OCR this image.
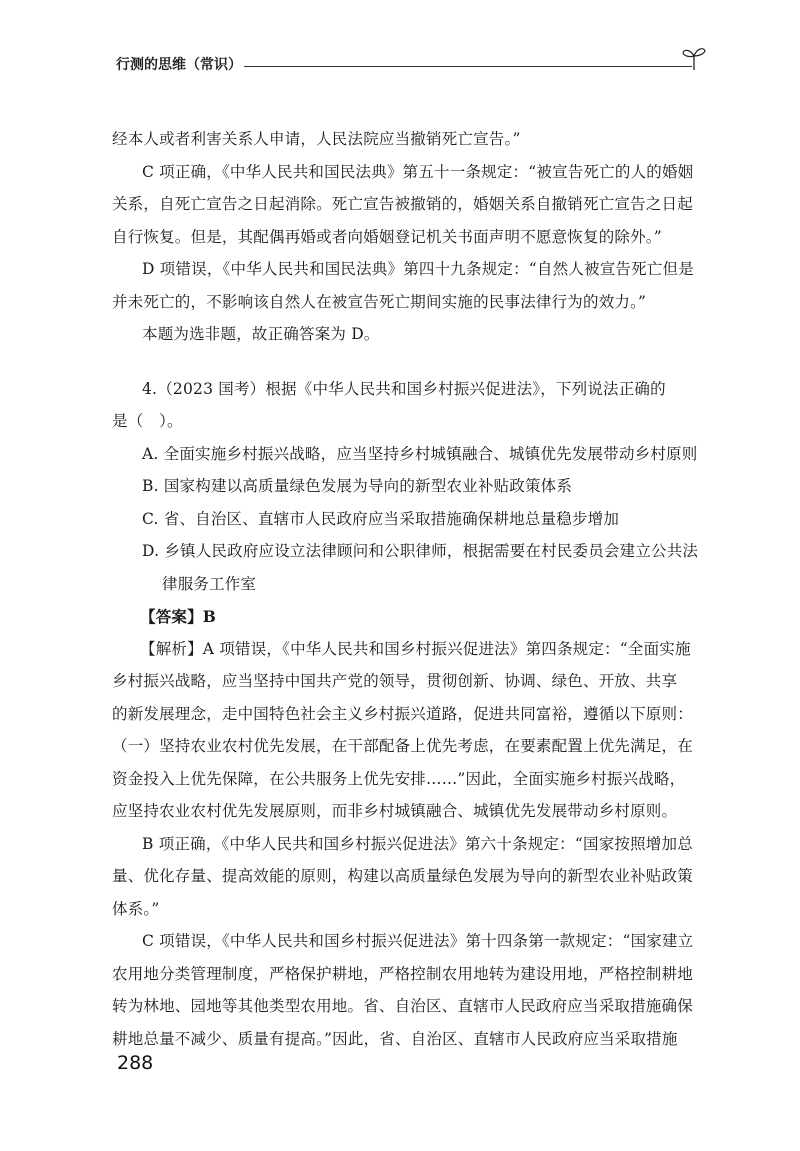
行测的思维（常识）
经本人或者利害关系人申请，人民法院应当撤销死亡宣告。”
C 项正确，《中华人民共和国民法典》第五十一条规定：“被宣告死亡的人的婚姻
关系，自死亡宣告之日起消除。死亡宣告被撤销的，婚姻关系自撤销死亡宣告之日起
自行恢复。但是，其配偶再婚或者向婚姻登记机关书面声明不愿意恢复的除外。”
D 项错误，《中华人民共和国民法典》第四十九条规定：“自然人被宣告死亡但是
并未死亡的，不影响该自然人在被宣告死亡期间实施的民事法律行为的效力。”
本题为选非题，故正确答案为 D。
4.（2023 国考）根据《中华人民共和国乡村振兴促进法》，下列说法正确的
是（　）。
A. 全面实施乡村振兴战略，应当坚持乡村城镇融合、城镇优先发展带动乡村原则
B. 国家构建以高质量绿色发展为导向的新型农业补贴政策体系
C. 省、自治区、直辖市人民政府应当采取措施确保耕地总量稳步增加
D. 乡镇人民政府应设立法律顾问和公职律师，根据需要在村民委员会建立公共法
律服务工作室
【答案】B
【解析】A 项错误，《中华人民共和国乡村振兴促进法》第四条规定：“全面实施
乡村振兴战略，应当坚持中国共产党的领导，贯彻创新、协调、绿色、开放、共享
的新发展理念，走中国特色社会主义乡村振兴道路，促进共同富裕，遵循以下原则：
（一）坚持农业农村优先发展，在干部配备上优先考虑，在要素配置上优先满足，在
资金投入上优先保障，在公共服务上优先安排……”因此，全面实施乡村振兴战略，
应坚持农业农村优先发展原则，而非乡村城镇融合、城镇优先发展带动乡村原则。
B 项正确，《中华人民共和国乡村振兴促进法》第六十条规定：“国家按照增加总
量、优化存量、提高效能的原则，构建以高质量绿色发展为导向的新型农业补贴政策
体系。”
C 项错误，《中华人民共和国乡村振兴促进法》第十四条第一款规定：“国家建立
农用地分类管理制度，严格保护耕地，严格控制农用地转为建设用地，严格控制耕地
转为林地、园地等其他类型农用地。省、自治区、直辖市人民政府应当采取措施确保
耕地总量不减少、质量有提高。”因此，省、自治区、直辖市人民政府应当采取措施
288
